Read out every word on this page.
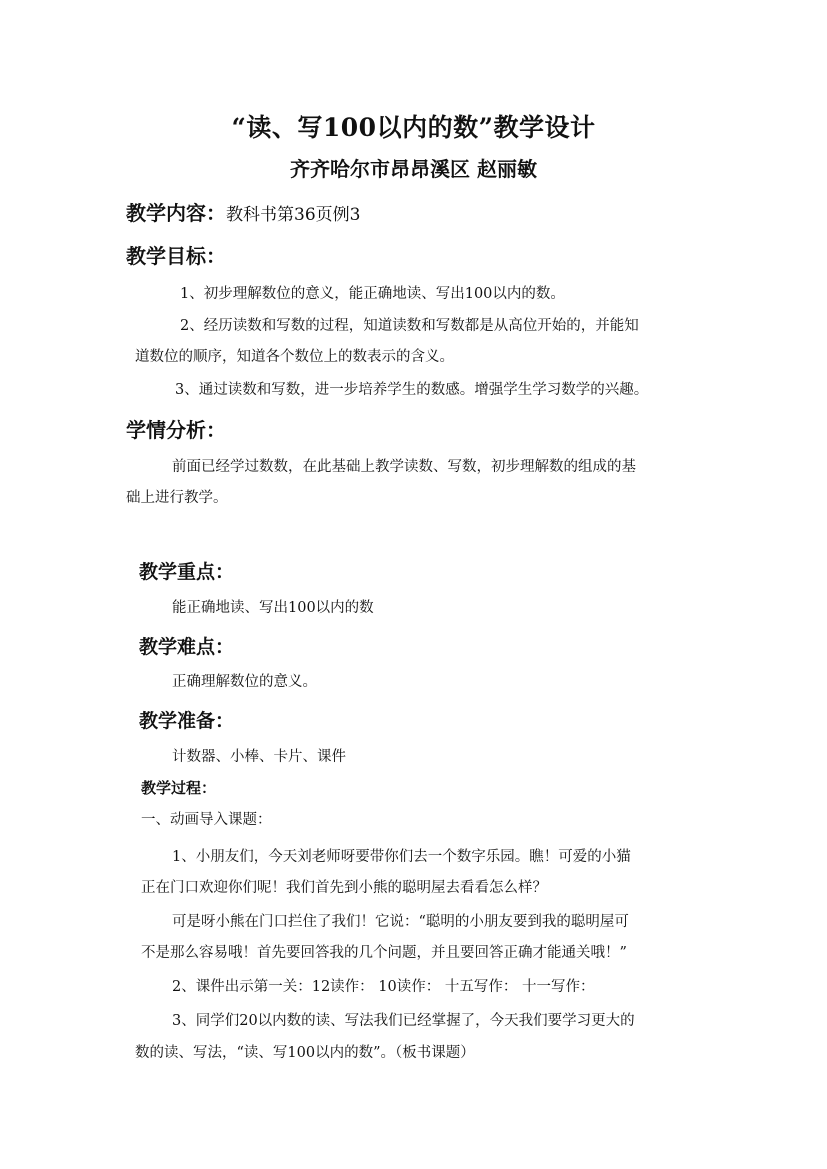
“读、写100以内的数”教学设计
齐齐哈尔市昂昂溪区 赵丽敏
教学内容：教科书第36页例3
教学目标：
1、初步理解数位的意义，能正确地读、写出100以内的数。
2、经历读数和写数的过程，知道读数和写数都是从高位开始的，并能知
道数位的顺序，知道各个数位上的数表示的含义。
3、通过读数和写数，进一步培养学生的数感。增强学生学习数学的兴趣。
学情分析：
前面已经学过数数，在此基础上教学读数、写数，初步理解数的组成的基
础上进行教学。
教学重点：
能正确地读、写出100以内的数
教学难点：
正确理解数位的意义。
教学准备：
计数器、小棒、卡片、课件
教学过程：
一、动画导入课题：
1、小朋友们，今天刘老师呀要带你们去一个数字乐园。瞧！可爱的小猫
正在门口欢迎你们呢！我们首先到小熊的聪明屋去看看怎么样？
可是呀小熊在门口拦住了我们！它说：“聪明的小朋友要到我的聪明屋可
不是那么容易哦！首先要回答我的几个问题，并且要回答正确才能通关哦！”
2、课件出示第一关：12读作： 10读作： 十五写作： 十一写作：
3、同学们20以内数的读、写法我们已经掌握了，今天我们要学习更大的
数的读、写法，“读、写100以内的数”。（板书课题）
